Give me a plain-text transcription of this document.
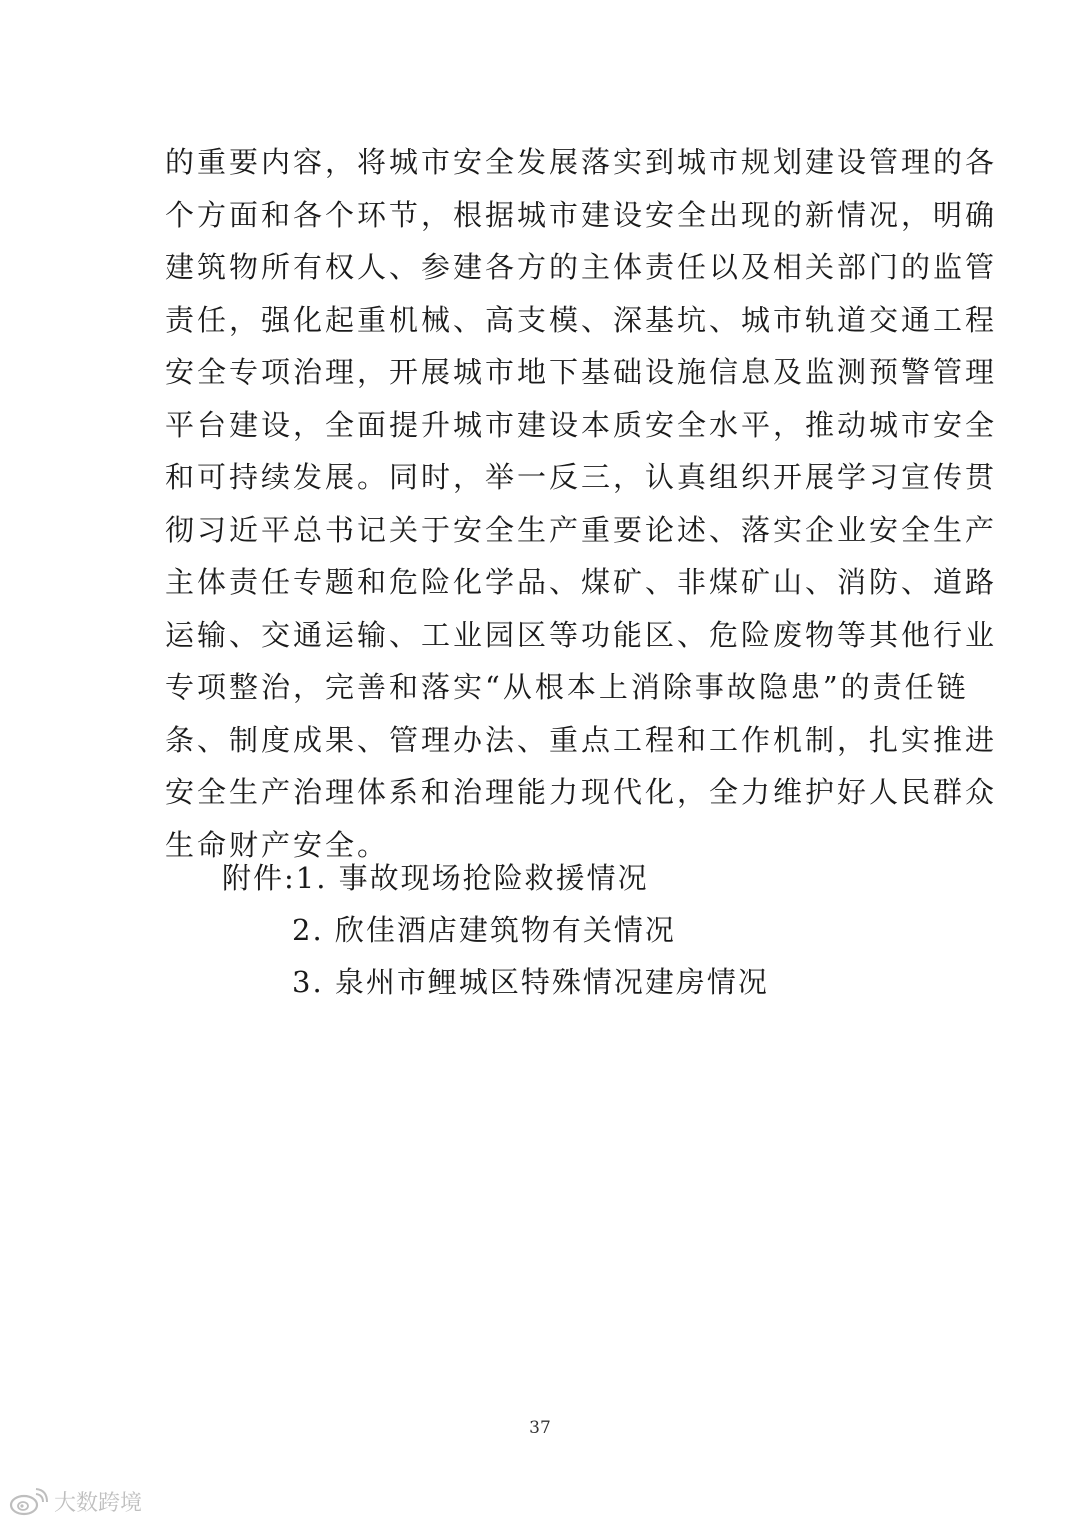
的重要内容，将城市安全发展落实到城市规划建设管理的各
个方面和各个环节，根据城市建设安全出现的新情况，明确
建筑物所有权人、参建各方的主体责任以及相关部门的监管
责任，强化起重机械、高支模、深基坑、城市轨道交通工程
安全专项治理，开展城市地下基础设施信息及监测预警管理
平台建设，全面提升城市建设本质安全水平，推动城市安全
和可持续发展。同时，举一反三，认真组织开展学习宣传贯
彻习近平总书记关于安全生产重要论述、落实企业安全生产
主体责任专题和危险化学品、煤矿、非煤矿山、消防、道路
运输、交通运输、工业园区等功能区、危险废物等其他行业
专项整治，完善和落实“从根本上消除事故隐患”的责任链
条、制度成果、管理办法、重点工程和工作机制，扎实推进
安全生产治理体系和治理能力现代化，全力维护好人民群众
生命财产安全。
附件:1. 事故现场抢险救援情况
2. 欣佳酒店建筑物有关情况
3. 泉州市鲤城区特殊情况建房情况
37
大数跨境
